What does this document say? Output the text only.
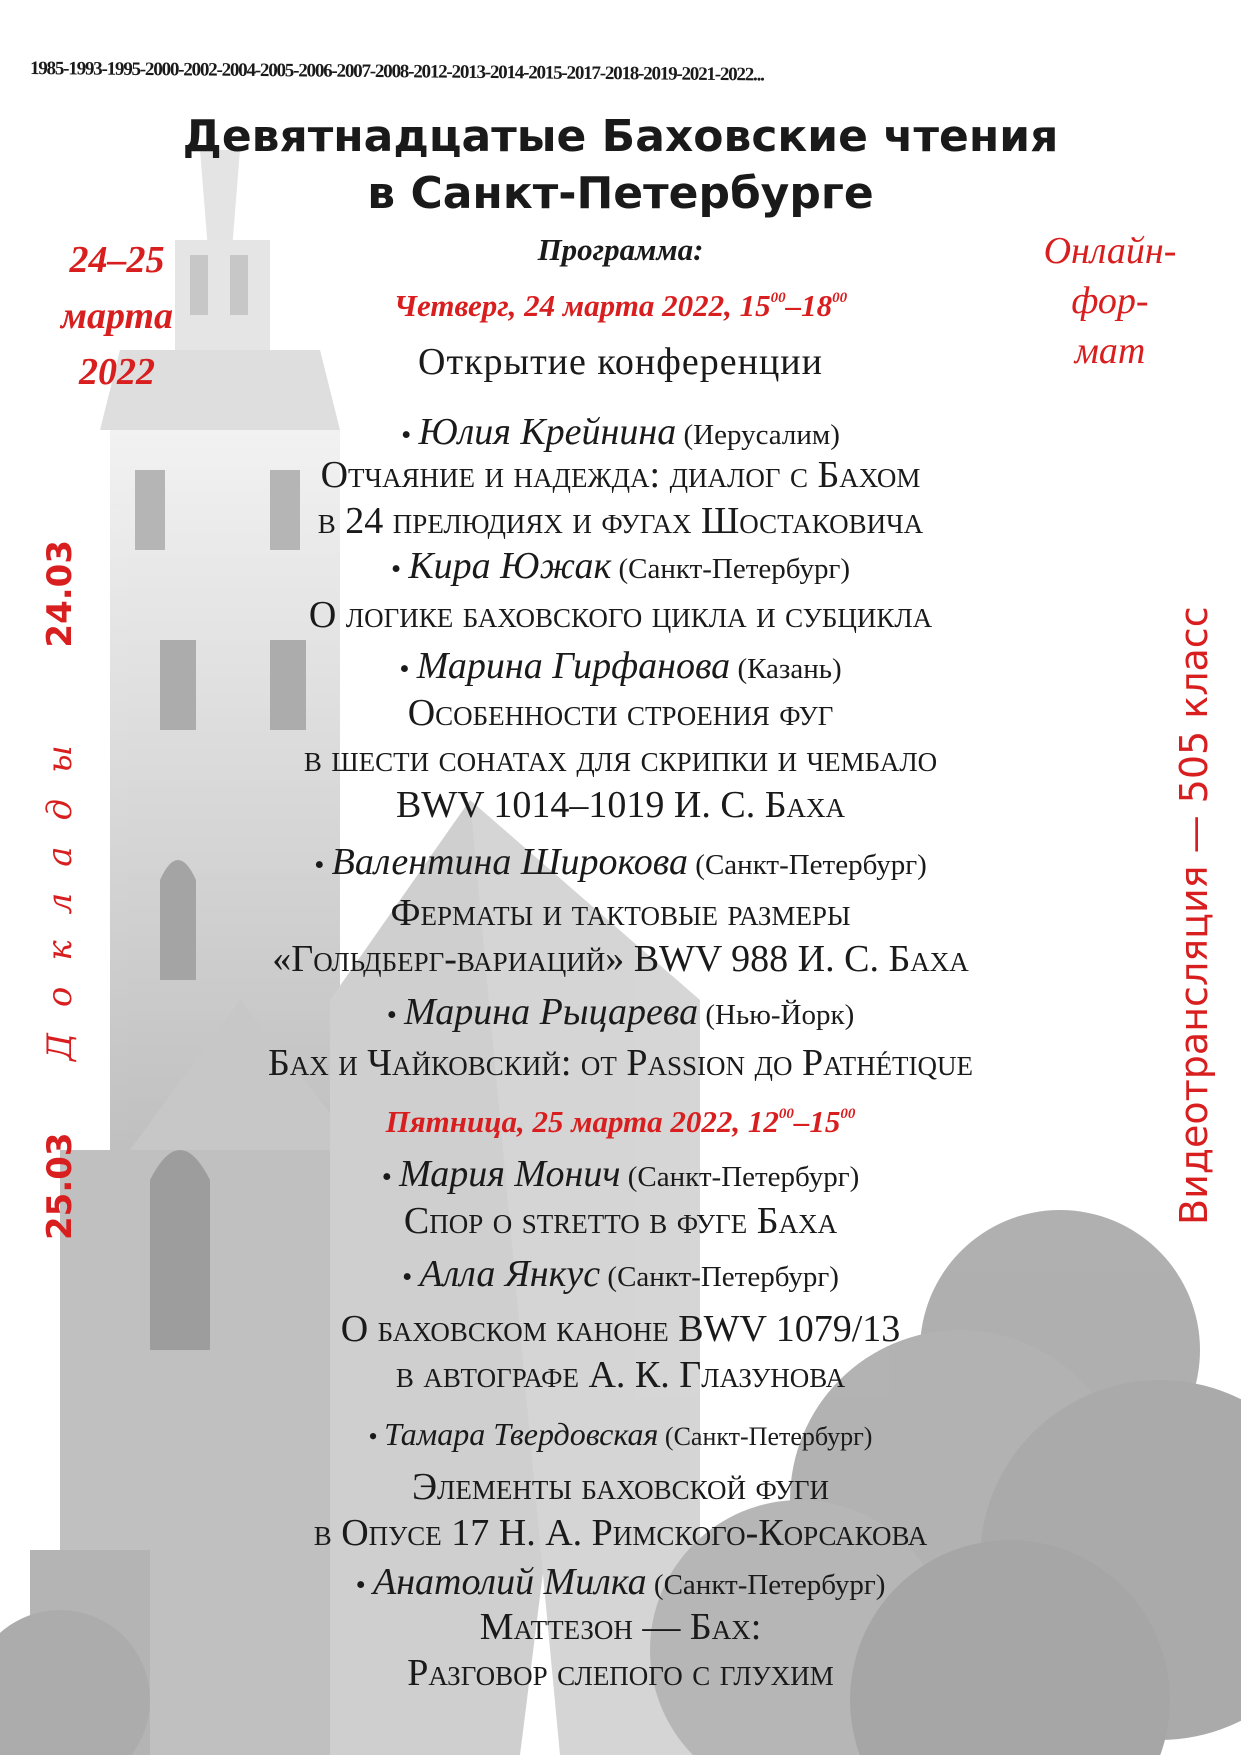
1985-1993-1995-2000-2002-2004-2005-2006-2007-2008-2012-2013-2014-2015-2017-2018-2019-2021-2022...
Девятнадцатые Баховские чтения
в Санкт-Петербурге
Программа:
24–25
марта
2022
Онлайн-
фор-
мат
Четверг, 24 марта 2022, $15^{00}-18^{00}$
Открытие конференции
• Юлия Крейнина (Иерусалим)
Отчаяние и надежда: диалог с Бахом
в 24 прелюдиях и фугах Шостаковича
• Кира Южак (Санкт-Петербург)
О логике баховского цикла и субцикла
• Марина Гирфанова (Казань)
Особенности строения фуг
в шести сонатах для скрипки и чембало
BWV 1014–1019 И. С. Баха
• Валентина Широкова (Санкт-Петербург)
Ферматы и тактовые размеры
«Гольдберг-вариаций» BWV 988 И. С. Баха
• Марина Рыцарева (Нью-Йорк)
Бах и Чайковский: от Passion до Pathétique
Пятница, 25 марта 2022, $12^{00}-15^{00}$
• Мария Монич (Санкт-Петербург)
Спор о stretto в фуге Баха
• Алла Янкус (Санкт-Петербург)
О баховском каноне BWV 1079/13
в автографе А. К. Глазунова
• Тамара Твердовская (Санкт-Петербург)
Элементы баховской фуги
в Опусе 17 Н. А. Римского-Корсакова
• Анатолий Милка (Санкт-Петербург)
Маттезон — Бах:
Разговор слепого с глухим
25.03
Доклады
24.03
Видеотрансляция — 505 класс
